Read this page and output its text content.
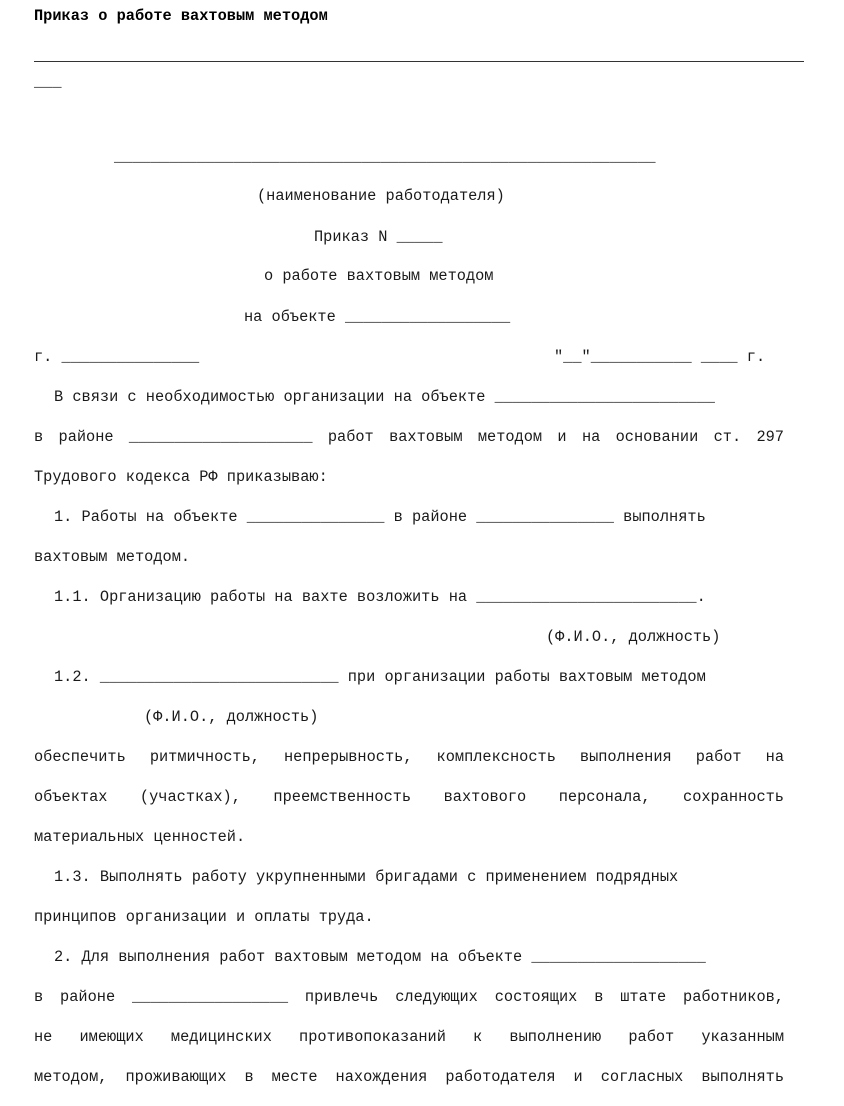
Приказ о работе вахтовым методом

___

___________________________________________________________

(наименование работодателя)

Приказ N _____

о работе вахтовым методом

на объекте __________________

г. _______________	"__"___________ ____ г.

В связи с необходимостью организации на объекте ________________________

в районе ____________________ работ вахтовым методом и на основании ст. 297

Трудового кодекса РФ приказываю:

1. Работы на объекте _______________ в районе _______________ выполнять

вахтовым методом.

1.1. Организацию работы на вахте возложить на ________________________.

(Ф.И.О., должность)

1.2. __________________________ при организации работы вахтовым методом

(Ф.И.О., должность)

обеспечить ритмичность, непрерывность, комплексность выполнения работ на

объектах (участках), преемственность вахтового персонала, сохранность

материальных ценностей.

1.3. Выполнять работу укрупненными бригадами с применением подрядных

принципов организации и оплаты труда.

2. Для выполнения работ вахтовым методом на объекте ___________________

в районе _________________ привлечь следующих состоящих в штате работников,

не имеющих медицинских противопоказаний к выполнению работ указанным

методом, проживающих в месте нахождения работодателя и согласных выполнять
